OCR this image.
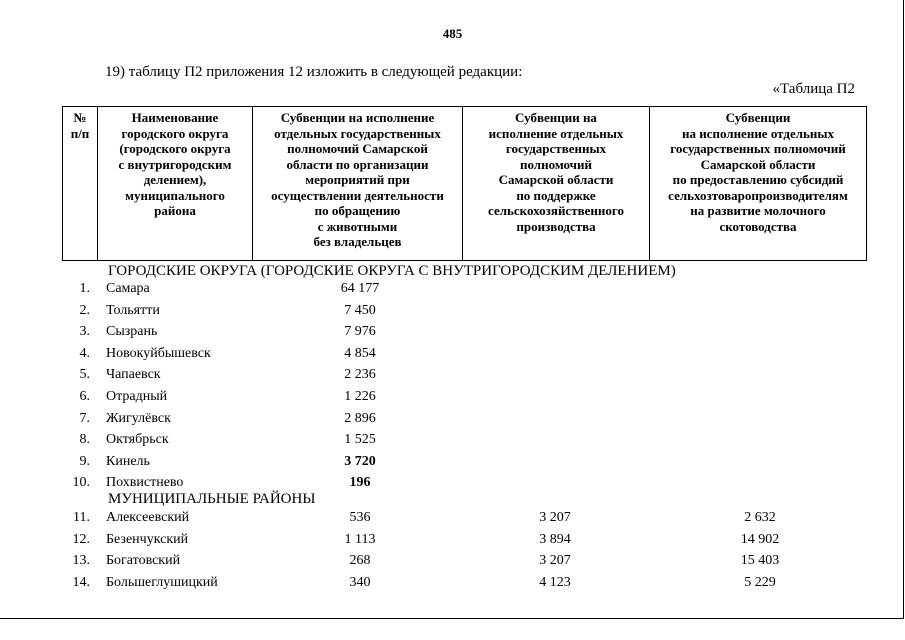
485
19) таблицу П2 приложения 12 изложить в следующей редакции:
«Таблица П2
№
п/п

Наименование
городского округа
(городского округа
с внутригородским
делением),
муниципального
района

Субвенции на исполнение
отдельных государственных
полномочий Самарской
области по организации
мероприятий при
осуществлении деятельности
по обращению
с животными
без владельцев

Субвенции на
исполнение отдельных
государственных
полномочий
Самарской области
по поддержке
сельскохозяйственного
производства

Субвенции
на исполнение отдельных
государственных полномочий
Самарской области
по предоставлению субсидий
сельхозтоваропроизводителям
на развитие молочного
скотоводства
ГОРОДСКИЕ ОКРУГА (ГОРОДСКИЕ ОКРУГА С ВНУТРИГОРОДСКИМ ДЕЛЕНИЕМ)
1. Самара	64 177
2. Тольятти	7 450
3. Сызрань	7 976
4. Новокуйбышевск	4 854
5. Чапаевск	2 236
6. Отрадный	1 226
7. Жигулёвск	2 896
8. Октябрьск	1 525
9. Кинель	3 720
10. Похвистнево	196
МУНИЦИПАЛЬНЫЕ РАЙОНЫ
11. Алексеевский	536	3 207	2 632
12. Безенчукский	1 113	3 894	14 902
13. Богатовский	268	3 207	15 403
14. Большеглушицкий	340	4 123	5 229
